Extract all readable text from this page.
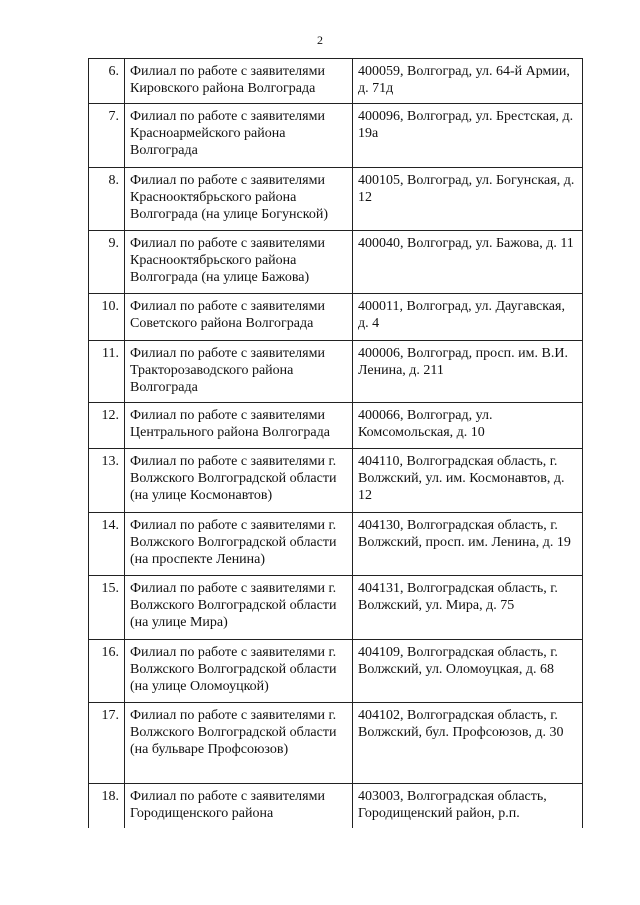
2
6.	Филиал по работе с заявителями Кировского района Волгограда	400059, Волгоград, ул. 64-й Армии, д. 71д
7.	Филиал по работе с заявителями Красноармейского района Волгограда	400096, Волгоград, ул. Брестская, д. 19а
8.	Филиал по работе с заявителями Краснооктябрьского района Волгограда (на улице Богунской)	400105, Волгоград, ул. Богунская, д. 12
9.	Филиал по работе с заявителями Краснооктябрьского района Волгограда (на улице Бажова)	400040, Волгоград, ул. Бажова, д. 11
10.	Филиал по работе с заявителями Советского района Волгограда	400011, Волгоград, ул. Даугавская, д. 4
11.	Филиал по работе с заявителями Тракторозаводского района Волгограда	400006, Волгоград, просп. им. В.И. Ленина, д. 211
12.	Филиал по работе с заявителями Центрального района Волгограда	400066, Волгоград, ул. Комсомольская, д. 10
13.	Филиал по работе с заявителями г. Волжского Волгоградской области (на улице Космонавтов)	404110, Волгоградская область, г. Волжский, ул. им. Космонавтов, д. 12
14.	Филиал по работе с заявителями г. Волжского Волгоградской области (на проспекте Ленина)	404130, Волгоградская область, г. Волжский, просп. им. Ленина, д. 19
15.	Филиал по работе с заявителями г. Волжского Волгоградской области (на улице Мира)	404131, Волгоградская область, г. Волжский, ул. Мира, д. 75
16.	Филиал по работе с заявителями г. Волжского Волгоградской области (на улице Оломоуцкой)	404109, Волгоградская область, г. Волжский, ул. Оломоуцкая, д. 68
17.	Филиал по работе с заявителями г. Волжского Волгоградской области (на бульваре Профсоюзов)	404102, Волгоградская область, г. Волжский, бул. Профсоюзов, д. 30
18.	Филиал по работе с заявителями Городищенского района	403003, Волгоградская область, Городищенский район, р.п.
